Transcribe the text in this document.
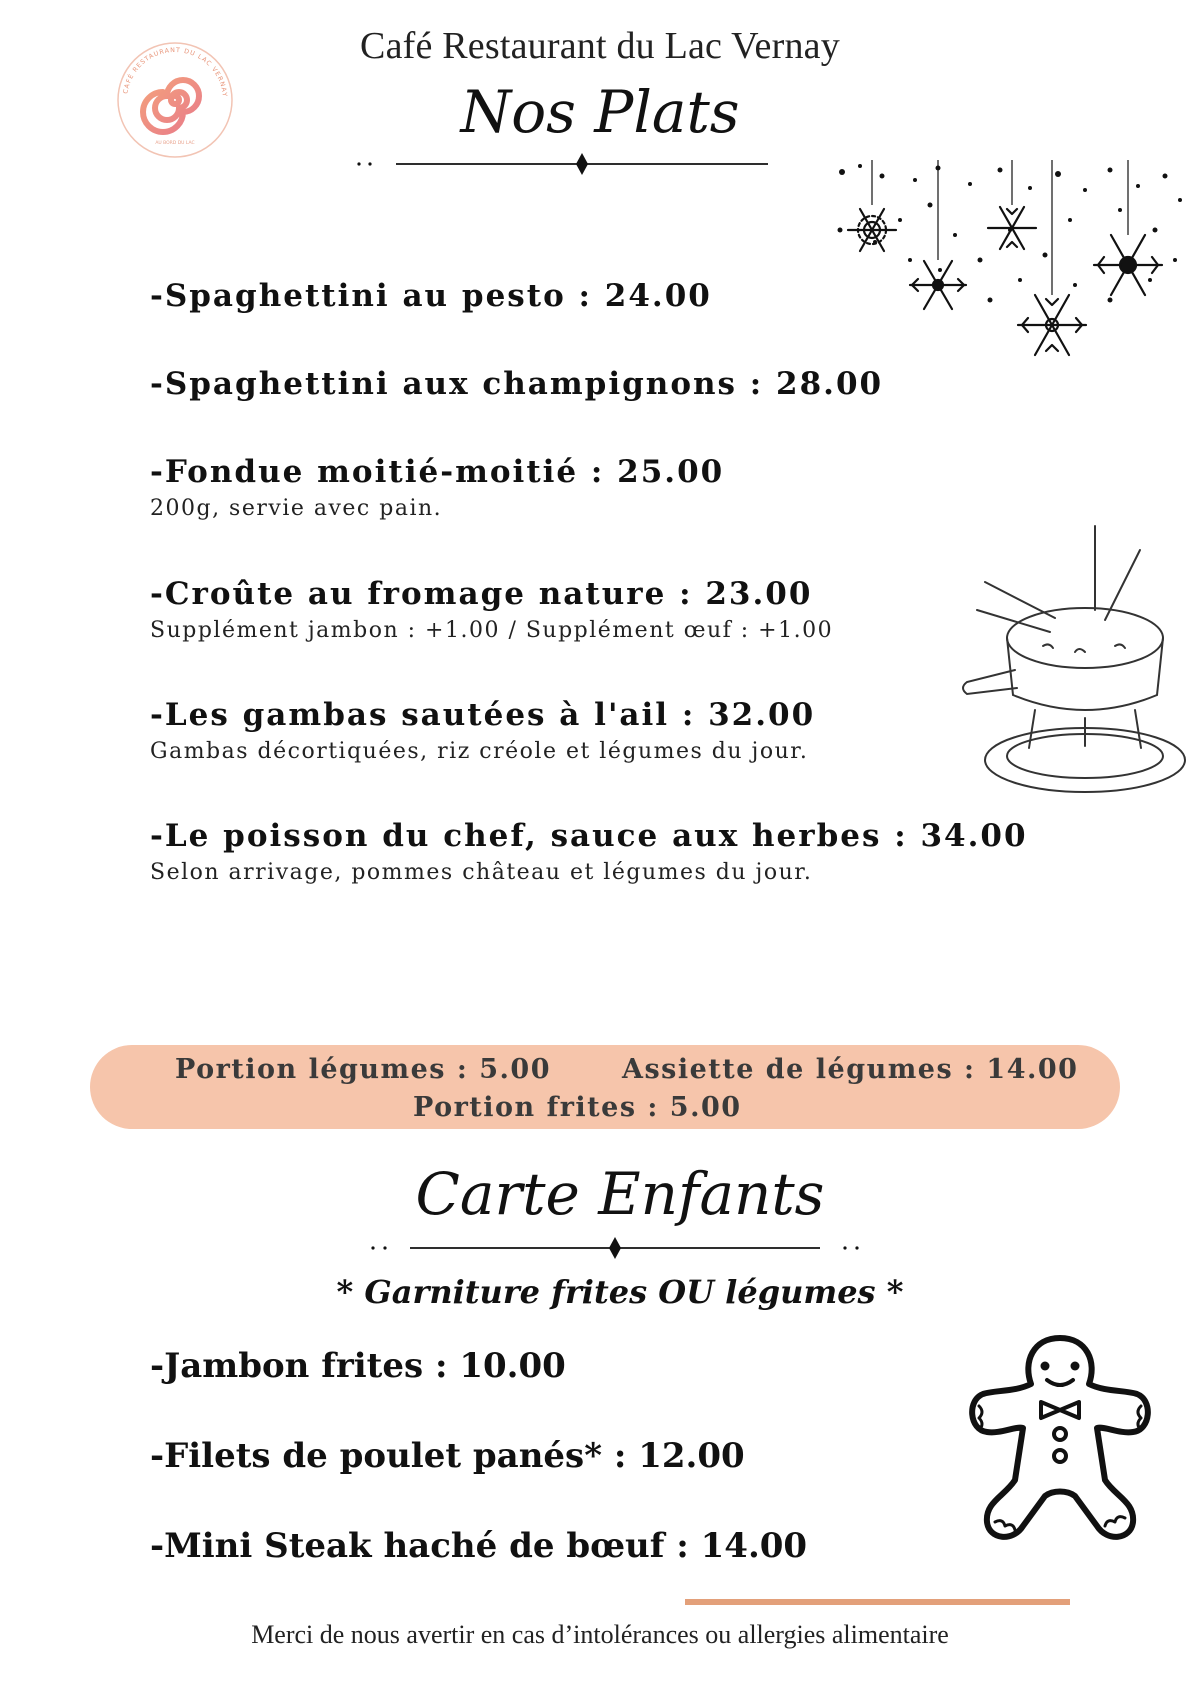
CAFÉ RESTAURANT DU LAC VERNAY
AU BORD DU LAC
Café Restaurant du Lac Vernay
Nos Plats
-Spaghettini au pesto : 24.00
-Spaghettini aux champignons : 28.00
-Fondue moitié-moitié : 25.00
200g, servie avec pain.
-Croûte au fromage nature : 23.00
Supplément jambon : +1.00 / Supplément œuf : +1.00
-Les gambas sautées à l'ail : 32.00
Gambas décortiquées, riz créole et légumes du jour.
-Le poisson du chef, sauce aux herbes : 34.00
Selon arrivage, pommes château et légumes du jour.
Portion légumes : 5.00	Assiette de légumes : 14.00
Portion frites : 5.00
Carte Enfants
* Garniture frites OU légumes *
-Jambon frites : 10.00
-Filets de poulet panés* : 12.00
-Mini Steak haché de bœuf : 14.00
Merci de nous avertir en cas d’intolérances ou allergies alimentaire
